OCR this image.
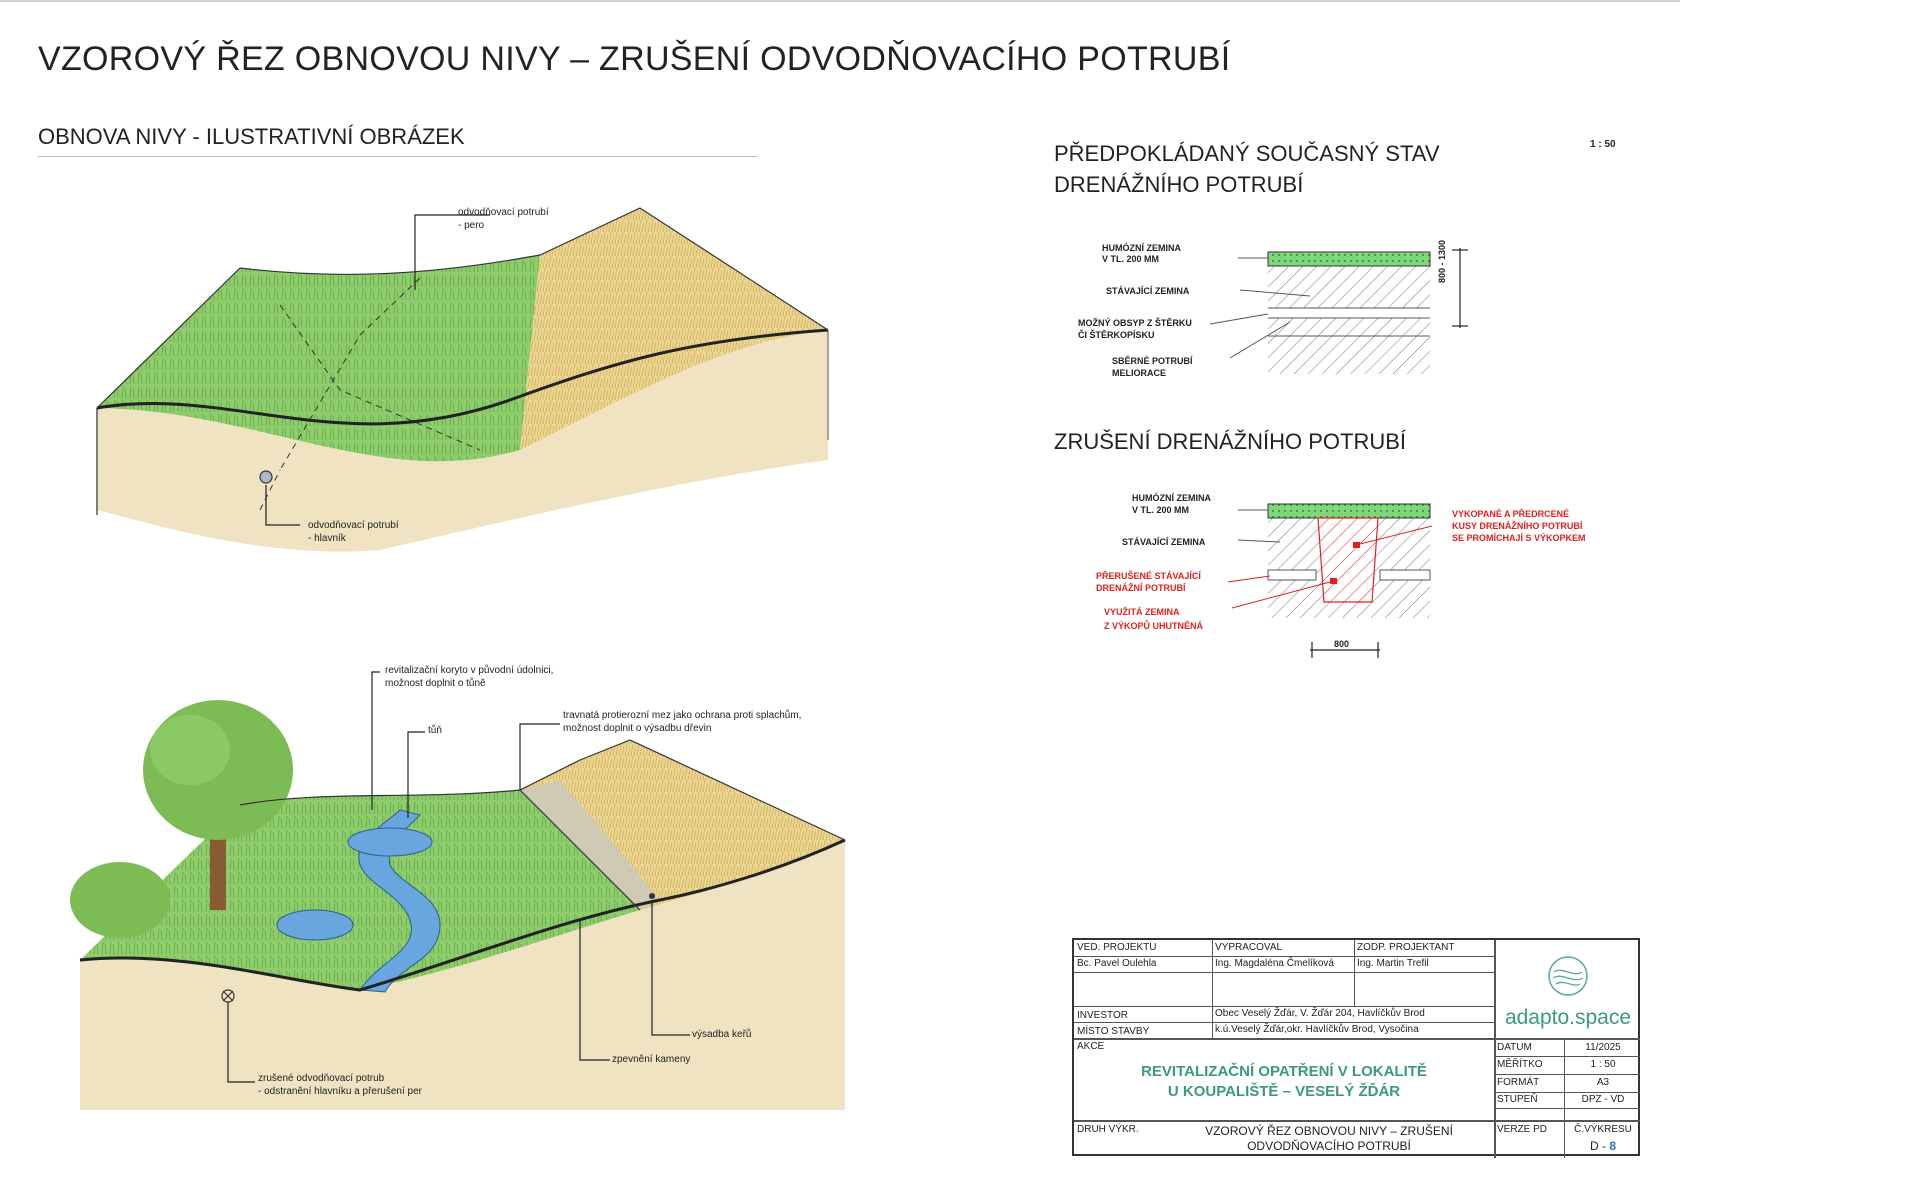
VZOROVÝ ŘEZ OBNOVOU NIVY – ZRUŠENÍ ODVODŇOVACÍHO POTRUBÍ
OBNOVA NIVY - ILUSTRATIVNÍ OBRÁZEK
odvodňovací potrubí
- pero
odvodňovací potrubí
- hlavník
revitalizační koryto v původní údolnici,
možnost doplnit o tůně
tůň
travnatá protierozní mez jako ochrana proti splachům,
možnost doplnit o výsadbu dřevin
výsadba keřů
zpevnění kameny
zrušené odvodňovací potrub
- odstranění hlavníku a přerušení per
PŘEDPOKLÁDANÝ SOUČASNÝ STAV
DRENÁŽNÍHO POTRUBÍ
1 : 50
HUMÓZNÍ ZEMINA
V TL. 200 MM
STÁVAJÍCÍ ZEMINA
MOŽNÝ OBSYP Z ŠTĚRKU
ČI ŠTĚRKOPÍSKU
SBĚRNÉ POTRUBÍ
MELIORACE
800 - 1300
ZRUŠENÍ DRENÁŽNÍHO POTRUBÍ
HUMÓZNÍ ZEMINA
V TL. 200 MM
STÁVAJÍCÍ ZEMINA
VYKOPANÉ A PŘEDRCENÉ
KUSY DRENÁŽNÍHO POTRUBÍ
SE PROMÍCHAJÍ S VÝKOPKEM
PŘERUŠENÉ STÁVAJÍCÍ
DRENÁŽNÍ POTRUBÍ
VYUŽITÁ ZEMINA
Z VÝKOPŮ UHUTNĚNÁ
800
VED. PROJEKTU
Bc. Pavel Oulehla
VYPRACOVAL
Ing. Magdaléna Čmelíková
ZODP. PROJEKTANT
Ing. Martin Trefil
INVESTOR	Obec Veselý Žďár, V. Žďár 204, Havlíčkův Brod
MÍSTO STAVBY	k.ú.Veselý Žďár,okr. Havlíčkův Brod, Vysočina
AKCE
REVITALIZAČNÍ OPATŘENÍ V LOKALITĚ
U KOUPALIŠTĚ – VESELÝ ŽĎÁR
DRUH VÝKR.	VZOROVÝ ŘEZ OBNOVOU NIVY – ZRUŠENÍ
ODVODŇOVACÍHO POTRUBÍ
adapto.space
DATUM	11/2025
MĚŘÍTKO	1 : 50
FORMÁT	A3
STUPEŇ	DPZ - VD
VERZE PD	Č.VÝKRESU
D - 8
